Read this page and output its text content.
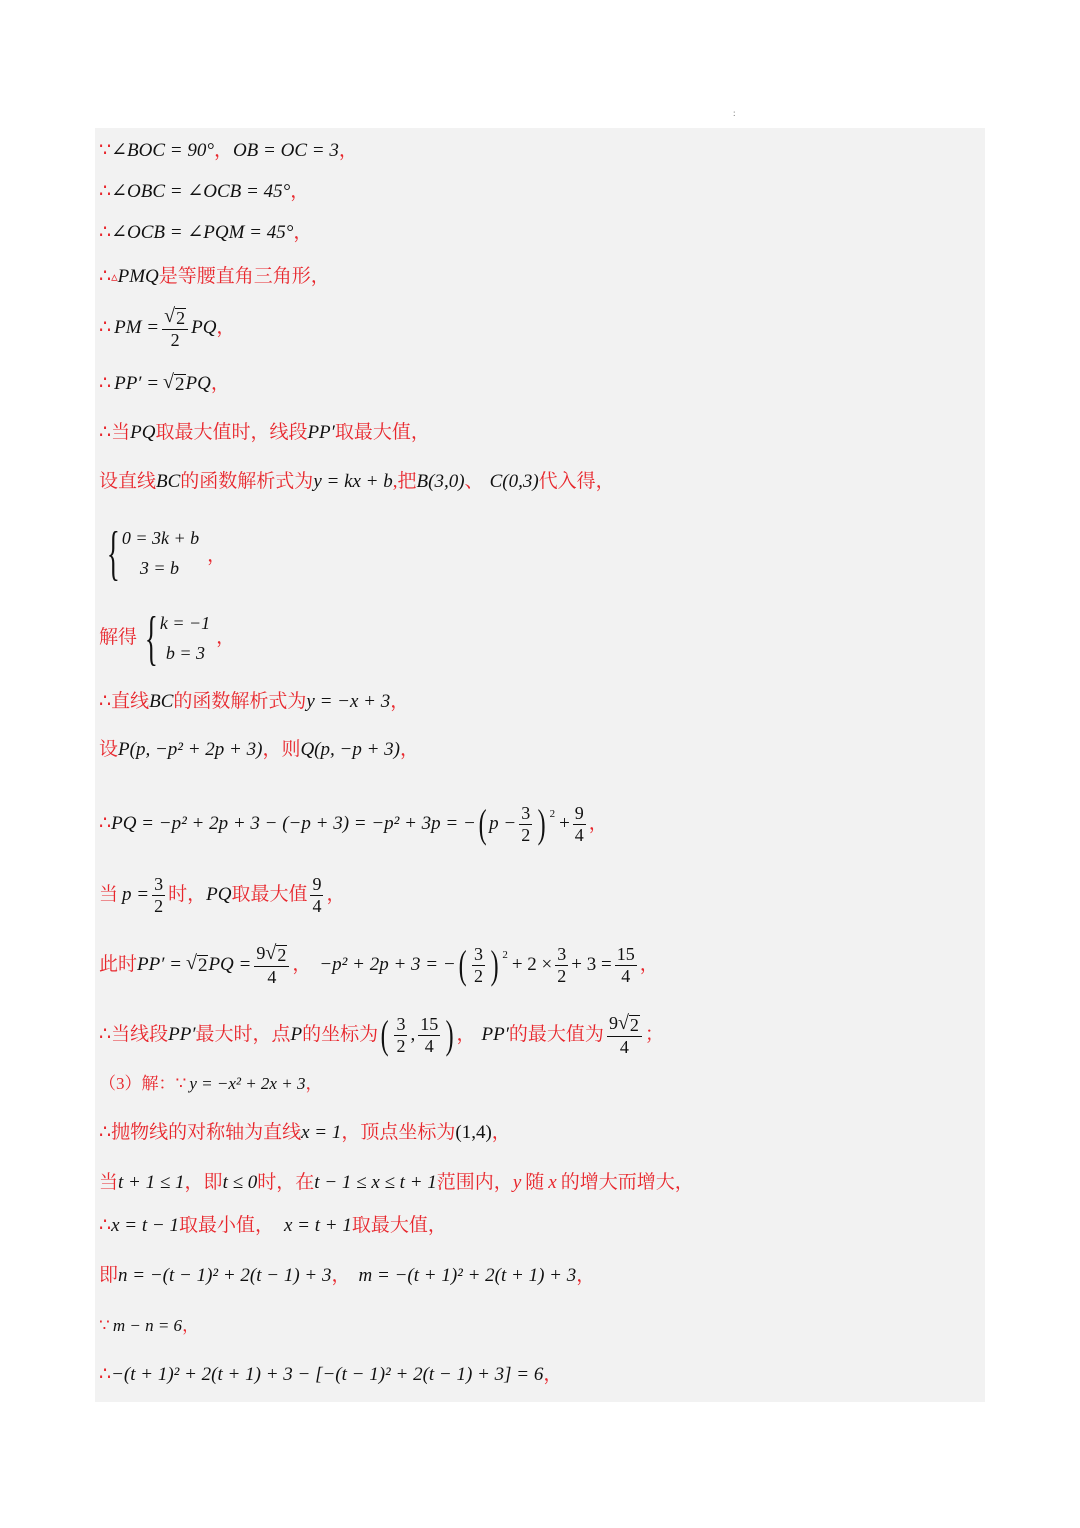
:
∵ ∠BOC = 90° ， OB = OC = 3 ，
∴ ∠OBC = ∠OCB = 45° ，
∴ ∠OCB = ∠PQM = 45° ，
∴ ▵ PMQ 是等腰直角三角形，
∴ PM = $\frac{√ 2}{2}$ PQ ，
∴ PP′ = √ 2 PQ ，
∴ 当 PQ 取最大值时，线段 PP′ 取最大值，
设直线 BC 的函数解析式为 y = kx + b ,把 B(3,0) 、 C(0,3) 代入得，
{ 0 = 3k + b
3 = b
，
解得 { k = −1
b = 3
，
∴ 直线 BC 的函数解析式为 y = −x + 3 ，
设 P(p, −p² + 2p + 3) ，则 Q(p, −p + 3) ，
∴ PQ = −p² + 2p + 3 − (−p + 3) = −p² + 3p = − ( $p - \frac{3}{2}$ ) $2 + \frac{9}{4}$ ，
当 $p = \frac{3}{2}$ 时， PQ 取最大值 $\frac{9}{4}$ ，
此时 PP′ = √ 2 PQ = $\frac{9 √ 2}{4}$ ， −p² + 2p + 3 = − ( $\frac{3}{2}$ ) $2 + 2 \times \frac{3}{2} + 3 = \frac{15}{4}$ ，
∴ 当线段 PP′ 最大时，点 P 的坐标为 ( $\frac{3}{2}$ , $\frac{15}{4}$ ) ， PP′ 的最大值为 $\frac{9 √ 2}{4}$ ；
（3）解： ∵ y = −x² + 2x + 3 ，
∴ 抛物线的对称轴为直线 x = 1 ，顶点坐标为 (1,4) ，
当 t + 1 ≤ 1 ，即 t ≤ 0 时，在 t − 1 ≤ x ≤ t + 1 范围内， y 随 x 的增大而增大，
∴ x = t − 1 取最小值， x = t + 1 取最大值，
即 n = −(t − 1)² + 2(t − 1) + 3 ， m = −(t + 1)² + 2(t + 1) + 3 ，
∵ m − n = 6 ，
∴ −(t + 1)² + 2(t + 1) + 3 − [−(t − 1)² + 2(t − 1) + 3] = 6 ，
